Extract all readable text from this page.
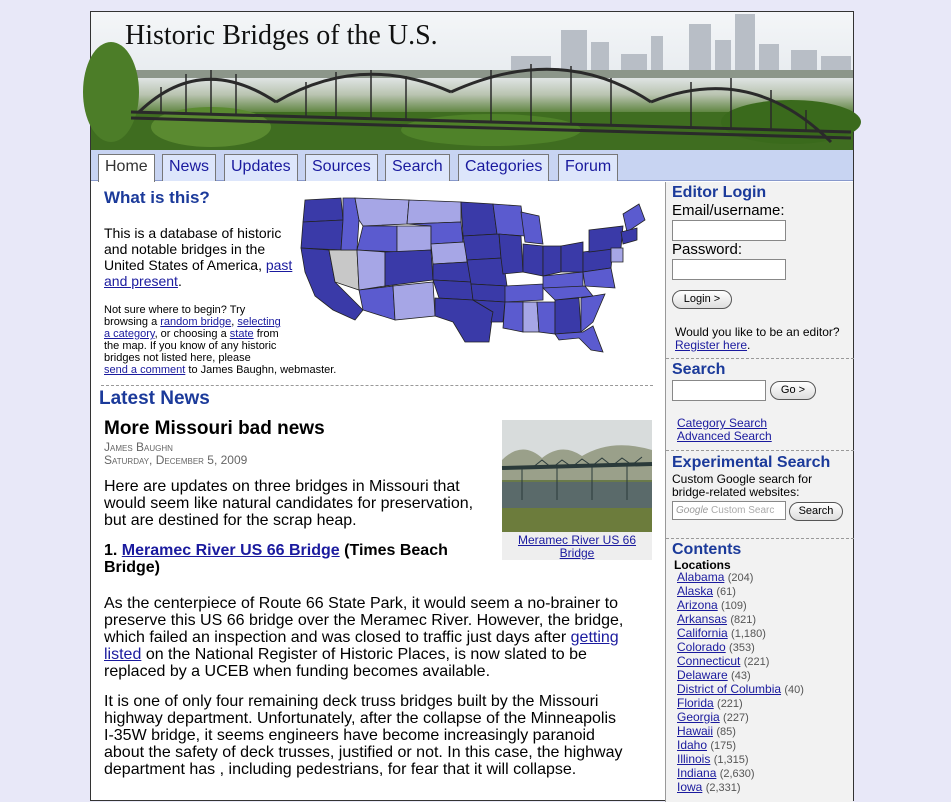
Historic Bridges of the U.S.
Home	News	Updates	Sources	Search	Categories	Forum
What is this?
This is a database of historic and notable bridges in the United States of America, past and present.
Not sure where to begin? Try browsing a random bridge, selecting a category, or choosing a state from the map. If you know of any historic bridges not listed here, please
send a comment to James Baughn, webmaster.
Latest News
More Missouri bad news
James Baughn
Saturday, December 5, 2009
Meramec River US 66 Bridge
Here are updates on three bridges in Missouri that would seem like natural candidates for preservation, but are destined for the scrap heap.
1. Meramec River US 66 Bridge (Times Beach Bridge)
As the centerpiece of Route 66 State Park, it would seem a no-brainer to preserve this US 66 bridge over the Meramec River. However, the bridge, which failed an inspection and was closed to traffic just days after getting listed on the National Register of Historic Places, is now slated to be replaced by a UCEB when funding becomes available.
It is one of only four remaining deck truss bridges built by the Missouri highway department. Unfortunately, after the collapse of the Minneapolis I-35W bridge, it seems engineers have become increasingly paranoid about the safety of deck trusses, justified or not. In this case, the highway department has , including pedestrians, for fear that it will collapse.
Editor Login
Email/username:
Password:
Login >
Would you like to be an editor? Register here.
Search
Go >
Category Search
Advanced Search
Experimental Search
Custom Google search for bridge-related websites:
Google Custom Searc	Search
Contents
Locations
Alabama (204)
Alaska (61)
Arizona (109)
Arkansas (821)
California (1,180)
Colorado (353)
Connecticut (221)
Delaware (43)
District of Columbia (40)
Florida (221)
Georgia (227)
Hawaii (85)
Idaho (175)
Illinois (1,315)
Indiana (2,630)
Iowa (2,331)
